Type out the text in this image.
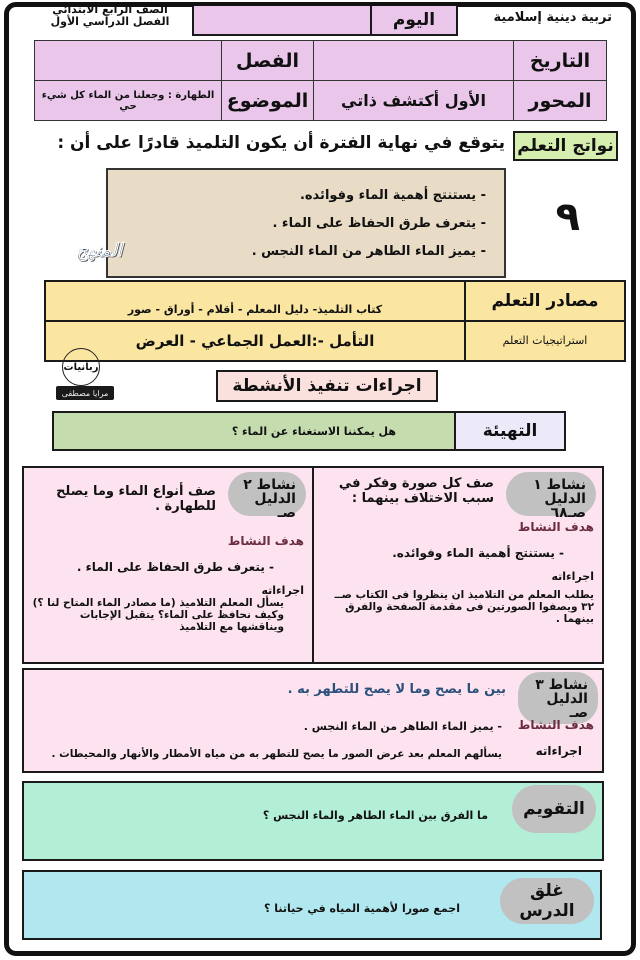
تربية دينية إسلامية
الصف الرابع الابتدائي
الفصل الدراسي الأول	اليوم
التاريخ		الفصل	
المحور	الأول أكتشف ذاتي	الموضوع	الطهارة : وجعلنا من الماء كل شيء حي
نواتج التعلم
يتوقع في نهاية الفترة أن يكون التلميذ قادرًا على أن :

- يستنتج أهمية الماء وفوائده.

- يتعرف طرق الحفاظ على الماء .

- يميز الماء الطاهر من الماء النجس .

٩
المنهج
مصادر التعلم	كتاب التلميذ- دليل المعلم - أقلام - أوراق - صور
استراتيجيات التعلم	التأمل -:العمل الجماعي - العرض
ربانيات
مرايا مصطفى	اجراءات تنفيذ الأنشطة
التهيئة
هل يمكننا الاستغناء عن الماء ؟
نشاط ١
الدليل صـ٦٨
صف كل صورة وفكر في سبب الاختلاف بينهما :
هدف النشاط
- يستنتج أهمية الماء وفوائده.
اجراءاته
يطلب المعلم من التلاميذ ان ينظروا فى الكتاب صــ ٣٢ ويصفوا الصورتين فى مقدمة الصفحة والفرق بينهما .
نشاط ٢
الدليل صـ
صف أنواع الماء وما يصلح للطهارة .
هدف النشاط
- يتعرف طرق الحفاظ على الماء .
اجراءاته
يسأل المعلم التلاميذ (ما مصادر الماء المتاح لنا ؟) وكيف نحافظ على الماء؟ يتقبل الإجابات ويناقشها مع التلاميذ
نشاط ٣
الدليل صـ
بين ما يصح وما لا يصح للتطهر به .
هدف النشاط
- يميز الماء الطاهر من الماء النجس .
اجراءاته
يسألهم المعلم بعد عرض الصور ما يصح للتطهر به من مياه الأمطار والأنهار والمحيطات .
التقويم
ما الفرق بين الماء الطاهر والماء النجس ؟
غلق الدرس
اجمع صورا لأهمية المياه في حياتنا ؟
